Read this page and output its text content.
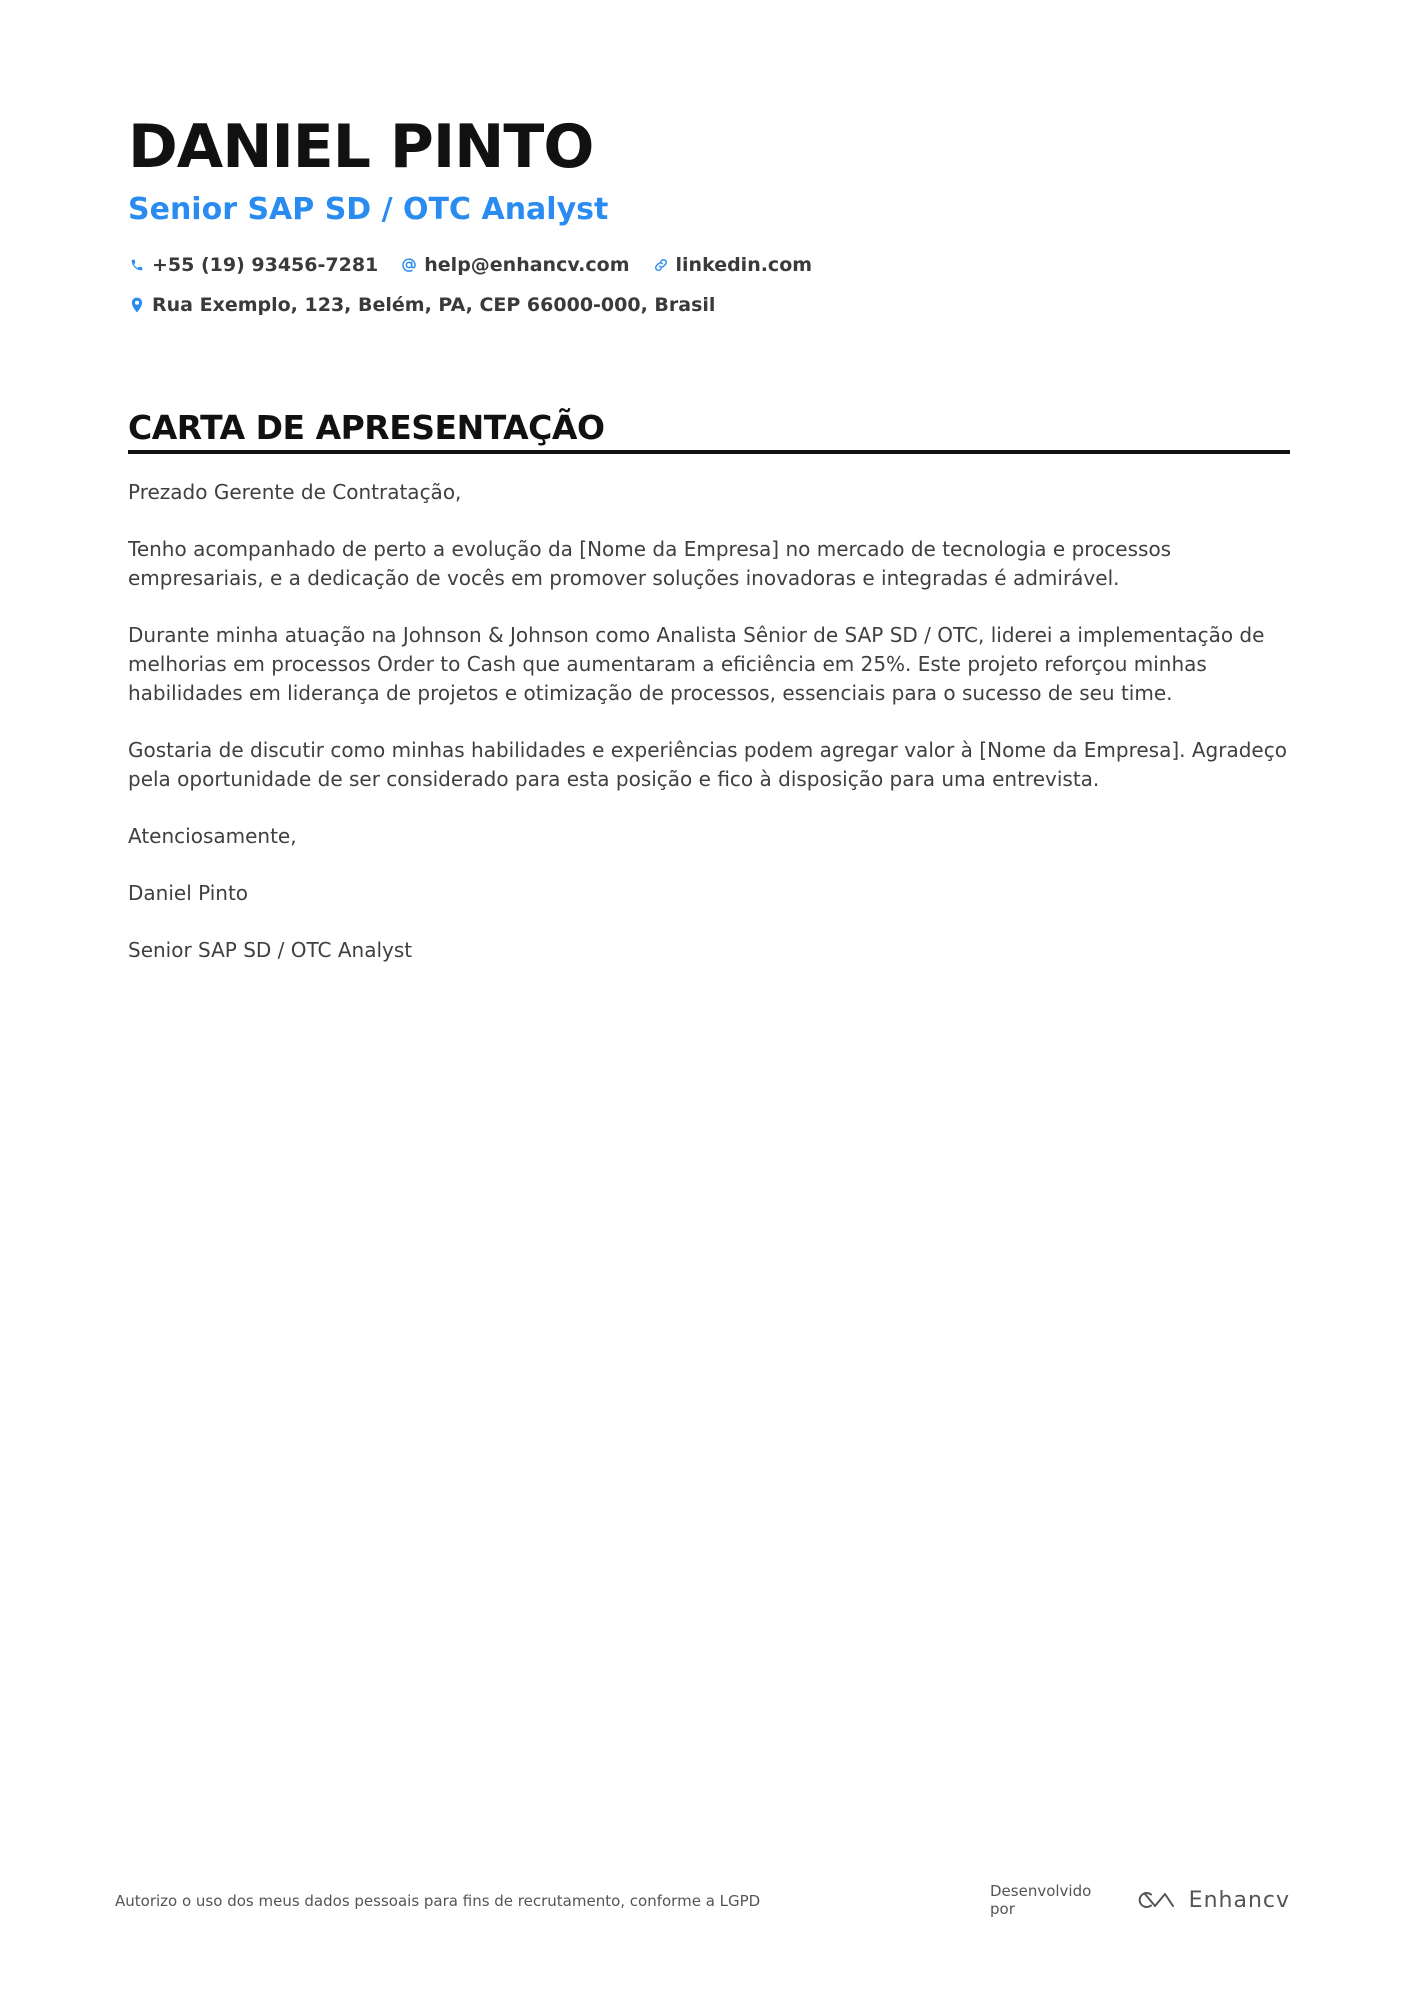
DANIEL PINTO
Senior SAP SD / OTC Analyst
+55 (19) 93456-7281 help@enhancv.com linkedin.com
Rua Exemplo, 123, Belém, PA, CEP 66000-000, Brasil
CARTA DE APRESENTAÇÃO

Prezado Gerente de Contratação,

Tenho acompanhado de perto a evolução da [Nome da Empresa] no mercado de tecnologia e processos empresariais, e a dedicação de vocês em promover soluções inovadoras e integradas é admirável.

Durante minha atuação na Johnson & Johnson como Analista Sênior de SAP SD / OTC, liderei a implementação de melhorias em processos Order to Cash que aumentaram a eficiência em 25%. Este projeto reforçou minhas habilidades em liderança de projetos e otimização de processos, essenciais para o sucesso de seu time.

Gostaria de discutir como minhas habilidades e experiências podem agregar valor à [Nome da Empresa]. Agradeço pela oportunidade de ser considerado para esta posição e fico à disposição para uma entrevista.

Atenciosamente,

Daniel Pinto

Senior SAP SD / OTC Analyst

Autorizo o uso dos meus dados pessoais para fins de recrutamento, conforme a LGPD
Desenvolvido por	Enhancv
